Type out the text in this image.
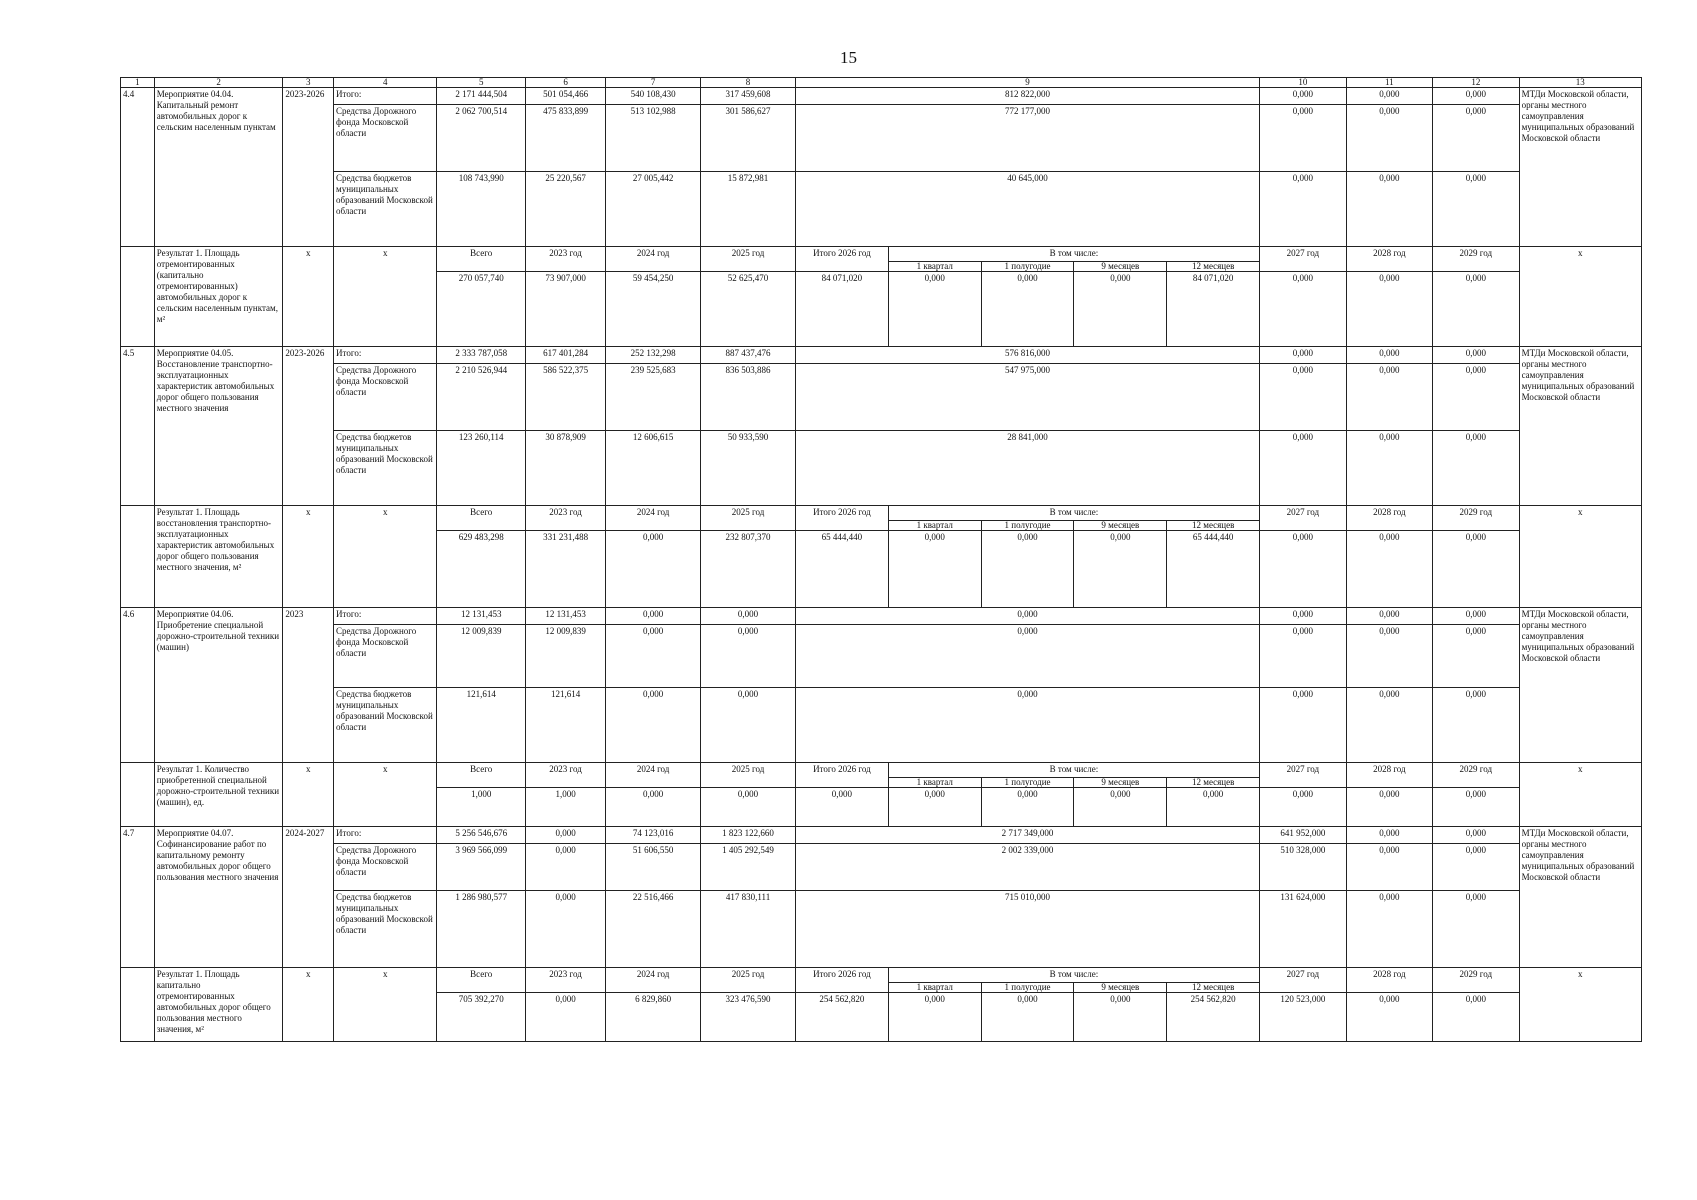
15
1	2	3	4	5	6	7	8	9					10	11	12	13
4.4	Мероприятие 04.04. Капитальный ремонт автомобильных дорог к сельским населенным пунктам	2023-2026	Итого:	2 171 444,504	501 054,466	540 108,430	317 459,608	812 822,000					0,000	0,000	0,000	МТДи Московской области, органы местного самоуправления муниципальных образований Московской области
			Средства Дорожного фонда Московской области	2 062 700,514	475 833,899	513 102,988	301 586,627	772 177,000					0,000	0,000	0,000	
			Средства бюджетов муниципальных образований Московской области	108 743,990	25 220,567	27 005,442	15 872,981	40 645,000					0,000	0,000	0,000	
	Результат 1. Площадь отремонтированных (капитально отремонтированных) автомобильных дорог к сельским населенным пунктам, м²	х	х	Всего	2023 год	2024 год	2025 год	Итого 2026 год	В том числе:				2027 год	2028 год	2029 год	х
									1 квартал	1 полугодие	9 месяцев	12 месяцев				
				270 057,740	73 907,000	59 454,250	52 625,470	84 071,020	0,000	0,000	0,000	84 071,020	0,000	0,000	0,000	
4.5	Мероприятие 04.05. Восстановление транспортно-эксплуатационных характеристик автомобильных дорог общего пользования местного значения	2023-2026	Итого:	2 333 787,058	617 401,284	252 132,298	887 437,476	576 816,000					0,000	0,000	0,000	МТДи Московской области, органы местного самоуправления муниципальных образований Московской области
			Средства Дорожного фонда Московской области	2 210 526,944	586 522,375	239 525,683	836 503,886	547 975,000					0,000	0,000	0,000	
			Средства бюджетов муниципальных образований Московской области	123 260,114	30 878,909	12 606,615	50 933,590	28 841,000					0,000	0,000	0,000	
	Результат 1. Площадь восстановления транспортно-эксплуатационных характеристик автомобильных дорог общего пользования местного значения, м²	х	х	Всего	2023 год	2024 год	2025 год	Итого 2026 год	В том числе:				2027 год	2028 год	2029 год	х
									1 квартал	1 полугодие	9 месяцев	12 месяцев				
				629 483,298	331 231,488	0,000	232 807,370	65 444,440	0,000	0,000	0,000	65 444,440	0,000	0,000	0,000	
4.6	Мероприятие 04.06. Приобретение специальной дорожно-строительной техники (машин)	2023	Итого:	12 131,453	12 131,453	0,000	0,000	0,000					0,000	0,000	0,000	МТДи Московской области, органы местного самоуправления муниципальных образований Московской области
			Средства Дорожного фонда Московской области	12 009,839	12 009,839	0,000	0,000	0,000					0,000	0,000	0,000	
			Средства бюджетов муниципальных образований Московской области	121,614	121,614	0,000	0,000	0,000					0,000	0,000	0,000	
	Результат 1. Количество приобретенной специальной дорожно-строительной техники (машин), ед.	х	х	Всего	2023 год	2024 год	2025 год	Итого 2026 год	В том числе:				2027 год	2028 год	2029 год	х
									1 квартал	1 полугодие	9 месяцев	12 месяцев				
				1,000	1,000	0,000	0,000	0,000	0,000	0,000	0,000	0,000	0,000	0,000	0,000	
4.7	Мероприятие 04.07. Софинансирование работ по капитальному ремонту автомобильных дорог общего пользования местного значения	2024-2027	Итого:	5 256 546,676	0,000	74 123,016	1 823 122,660	2 717 349,000					641 952,000	0,000	0,000	МТДи Московской области, органы местного самоуправления муниципальных образований Московской области
			Средства Дорожного фонда Московской области	3 969 566,099	0,000	51 606,550	1 405 292,549	2 002 339,000					510 328,000	0,000	0,000	
			Средства бюджетов муниципальных образований Московской области	1 286 980,577	0,000	22 516,466	417 830,111	715 010,000					131 624,000	0,000	0,000	
	Результат 1. Площадь капитально отремонтированных автомобильных дорог общего пользования местного значения, м²	х	х	Всего	2023 год	2024 год	2025 год	Итого 2026 год	В том числе:				2027 год	2028 год	2029 год	х
									1 квартал	1 полугодие	9 месяцев	12 месяцев				
				705 392,270	0,000	6 829,860	323 476,590	254 562,820	0,000	0,000	0,000	254 562,820	120 523,000	0,000	0,000	
